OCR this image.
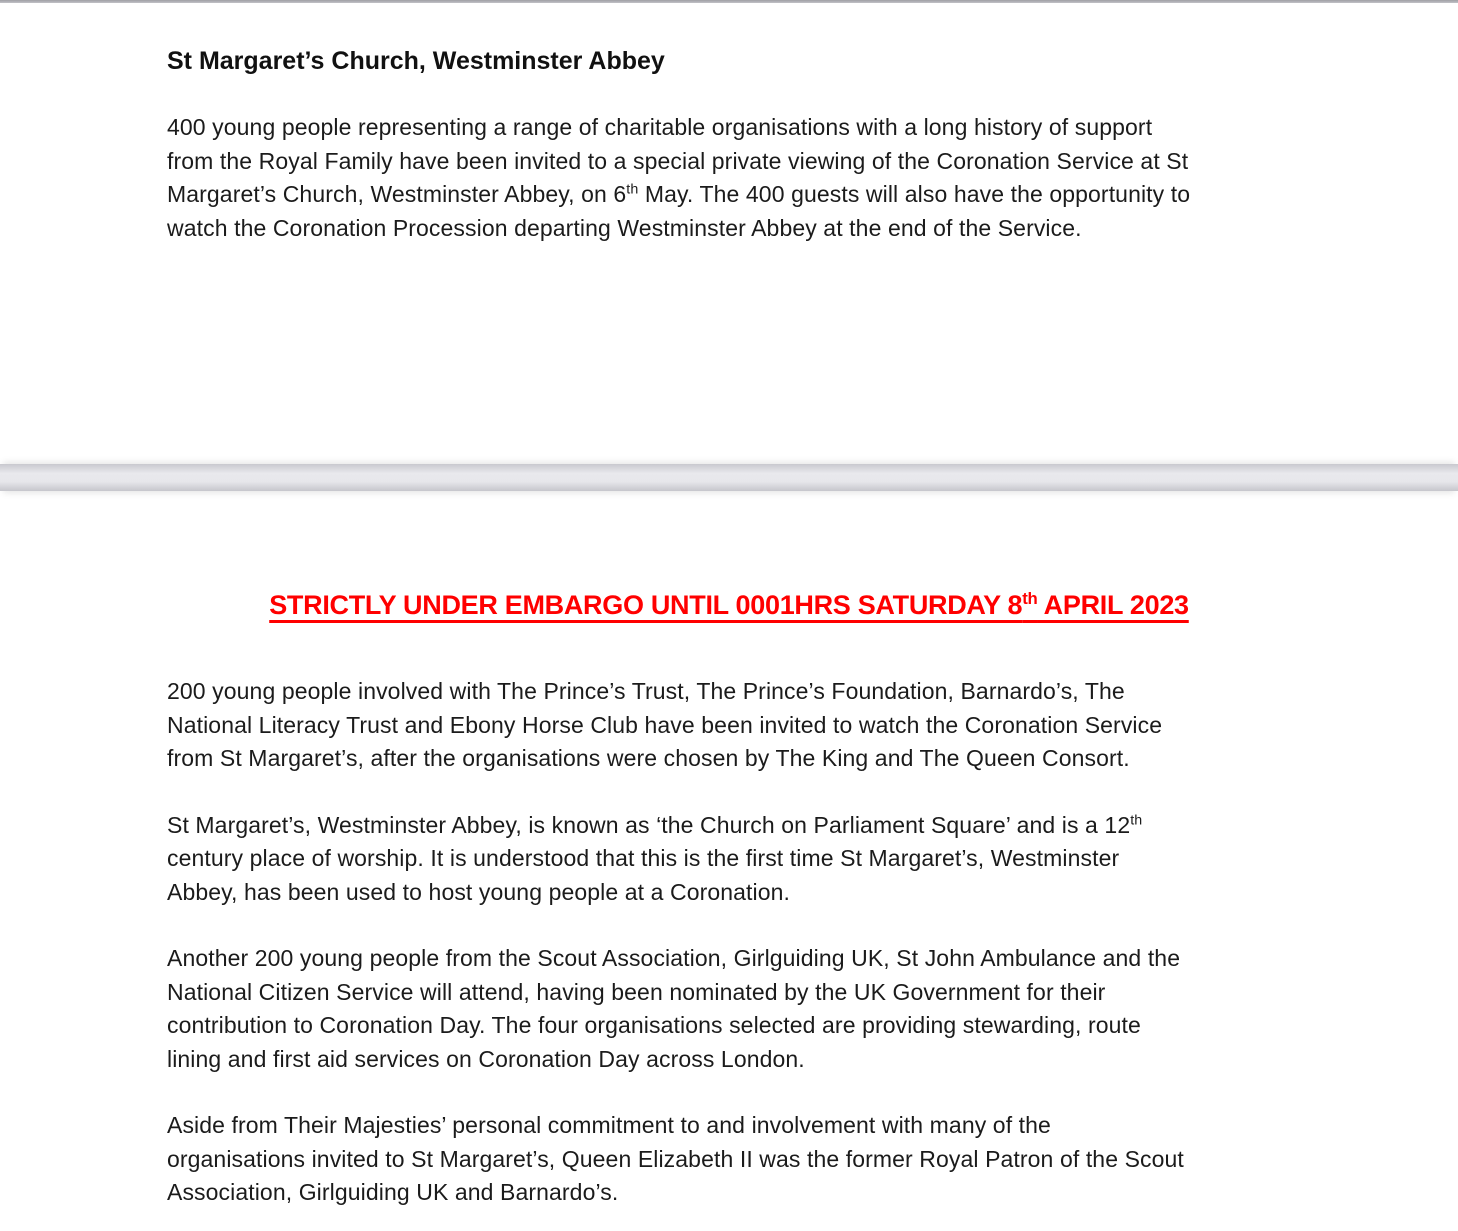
St Margaret’s Church, Westminster Abbey

400 young people representing a range of charitable organisations with a long history of support
from the Royal Family have been invited to a special private viewing of the Coronation Service at St
Margaret’s Church, Westminster Abbey, on 6th May. The 400 guests will also have the opportunity to
watch the Coronation Procession departing Westminster Abbey at the end of the Service.

STRICTLY UNDER EMBARGO UNTIL 0001HRS SATURDAY 8th APRIL 2023

200 young people involved with The Prince’s Trust, The Prince’s Foundation, Barnardo’s, The
National Literacy Trust and Ebony Horse Club have been invited to watch the Coronation Service
from St Margaret’s, after the organisations were chosen by The King and The Queen Consort.

St Margaret’s, Westminster Abbey, is known as ‘the Church on Parliament Square’ and is a 12th
century place of worship. It is understood that this is the first time St Margaret’s, Westminster
Abbey, has been used to host young people at a Coronation.

Another 200 young people from the Scout Association, Girlguiding UK, St John Ambulance and the
National Citizen Service will attend, having been nominated by the UK Government for their
contribution to Coronation Day. The four organisations selected are providing stewarding, route
lining and first aid services on Coronation Day across London.

Aside from Their Majesties’ personal commitment to and involvement with many of the
organisations invited to St Margaret’s, Queen Elizabeth II was the former Royal Patron of the Scout
Association, Girlguiding UK and Barnardo’s.
